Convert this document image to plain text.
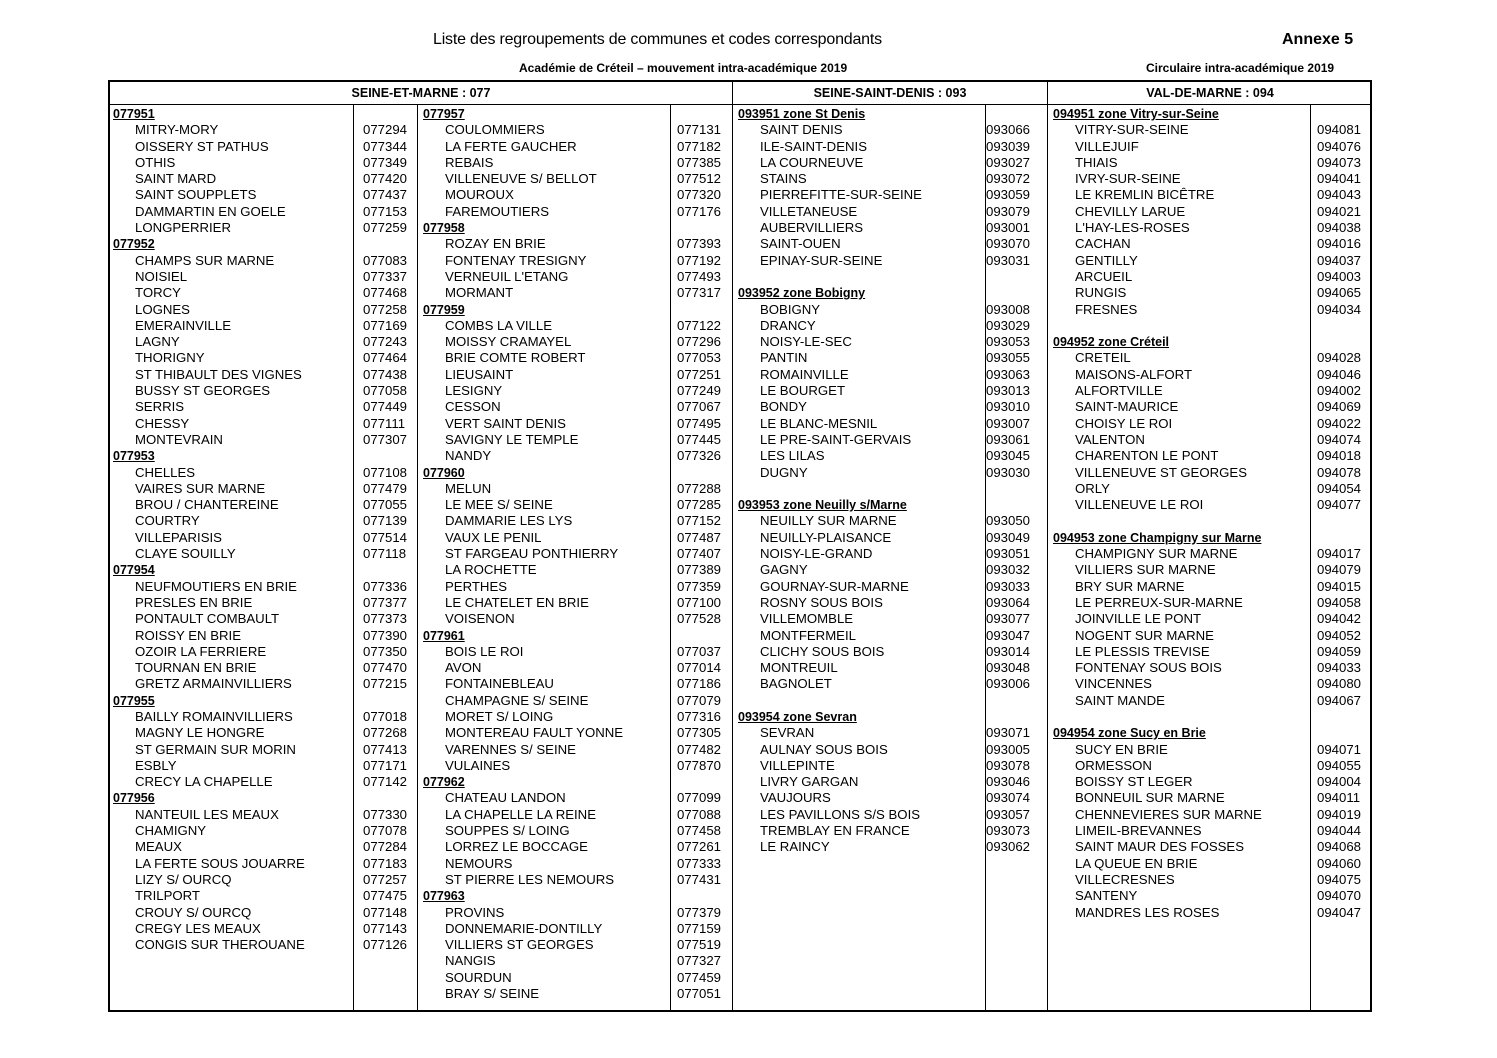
Liste des regroupements de communes et codes correspondants	Annexe 5
Académie de Créteil – mouvement intra-académique 2019	Circulaire intra-académique 2019
SEINE-ET-MARNE : 077	SEINE-SAINT-DENIS : 093	VAL-DE-MARNE : 094
077951
MITRY-MORY	077294
OISSERY ST PATHUS	077344
OTHIS	077349
SAINT MARD	077420
SAINT SOUPPLETS	077437
DAMMARTIN EN GOELE	077153
LONGPERRIER	077259
077952
CHAMPS SUR MARNE	077083
NOISIEL	077337
TORCY	077468
LOGNES	077258
EMERAINVILLE	077169
LAGNY	077243
THORIGNY	077464
ST THIBAULT DES VIGNES	077438
BUSSY ST GEORGES	077058
SERRIS	077449
CHESSY	077111
MONTEVRAIN	077307
077953
CHELLES	077108
VAIRES SUR MARNE	077479
BROU / CHANTEREINE	077055
COURTRY	077139
VILLEPARISIS	077514
CLAYE SOUILLY	077118
077954
NEUFMOUTIERS EN BRIE	077336
PRESLES EN BRIE	077377
PONTAULT COMBAULT	077373
ROISSY EN BRIE	077390
OZOIR LA FERRIERE	077350
TOURNAN EN BRIE	077470
GRETZ ARMAINVILLIERS	077215
077955
BAILLY ROMAINVILLIERS	077018
MAGNY LE HONGRE	077268
ST GERMAIN SUR MORIN	077413
ESBLY	077171
CRECY LA CHAPELLE	077142
077956
NANTEUIL LES MEAUX	077330
CHAMIGNY	077078
MEAUX	077284
LA FERTE SOUS JOUARRE	077183
LIZY S/ OURCQ	077257
TRILPORT	077475
CROUY S/ OURCQ	077148
CREGY LES MEAUX	077143
CONGIS SUR THEROUANE	077126
077957
COULOMMIERS	077131
LA FERTE GAUCHER	077182
REBAIS	077385
VILLENEUVE S/ BELLOT	077512
MOUROUX	077320
FAREMOUTIERS	077176
077958
ROZAY EN BRIE	077393
FONTENAY TRESIGNY	077192
VERNEUIL L'ETANG	077493
MORMANT	077317
077959
COMBS LA VILLE	077122
MOISSY CRAMAYEL	077296
BRIE COMTE ROBERT	077053
LIEUSAINT	077251
LESIGNY	077249
CESSON	077067
VERT SAINT DENIS	077495
SAVIGNY LE TEMPLE	077445
NANDY	077326
077960
MELUN	077288
LE MEE S/ SEINE	077285
DAMMARIE LES LYS	077152
VAUX LE PENIL	077487
ST FARGEAU PONTHIERRY	077407
LA ROCHETTE	077389
PERTHES	077359
LE CHATELET EN BRIE	077100
VOISENON	077528
077961
BOIS LE ROI	077037
AVON	077014
FONTAINEBLEAU	077186
CHAMPAGNE S/ SEINE	077079
MORET S/ LOING	077316
MONTEREAU FAULT YONNE	077305
VARENNES S/ SEINE	077482
VULAINES	077870
077962
CHATEAU LANDON	077099
LA CHAPELLE LA REINE	077088
SOUPPES S/ LOING	077458
LORREZ LE BOCCAGE	077261
NEMOURS	077333
ST PIERRE LES NEMOURS	077431
077963
PROVINS	077379
DONNEMARIE-DONTILLY	077159
VILLIERS ST GEORGES	077519
NANGIS	077327
SOURDUN	077459
BRAY S/ SEINE	077051
093951 zone St Denis
SAINT DENIS	093066
ILE-SAINT-DENIS	093039
LA COURNEUVE	093027
STAINS	093072
PIERREFITTE-SUR-SEINE	093059
VILLETANEUSE	093079
AUBERVILLIERS	093001
SAINT-OUEN	093070
EPINAY-SUR-SEINE	093031
093952 zone Bobigny
BOBIGNY	093008
DRANCY	093029
NOISY-LE-SEC	093053
PANTIN	093055
ROMAINVILLE	093063
LE BOURGET	093013
BONDY	093010
LE BLANC-MESNIL	093007
LE PRE-SAINT-GERVAIS	093061
LES LILAS	093045
DUGNY	093030
093953 zone Neuilly s/Marne
NEUILLY SUR MARNE	093050
NEUILLY-PLAISANCE	093049
NOISY-LE-GRAND	093051
GAGNY	093032
GOURNAY-SUR-MARNE	093033
ROSNY SOUS BOIS	093064
VILLEMOMBLE	093077
MONTFERMEIL	093047
CLICHY SOUS BOIS	093014
MONTREUIL	093048
BAGNOLET	093006
093954 zone Sevran
SEVRAN	093071
AULNAY SOUS BOIS	093005
VILLEPINTE	093078
LIVRY GARGAN	093046
VAUJOURS	093074
LES PAVILLONS S/S BOIS	093057
TREMBLAY EN FRANCE	093073
LE RAINCY	093062
094951 zone Vitry-sur-Seine
VITRY-SUR-SEINE	094081
VILLEJUIF	094076
THIAIS	094073
IVRY-SUR-SEINE	094041
LE KREMLIN BICÊTRE	094043
CHEVILLY LARUE	094021
L'HAY-LES-ROSES	094038
CACHAN	094016
GENTILLY	094037
ARCUEIL	094003
RUNGIS	094065
FRESNES	094034
094952 zone Créteil
CRETEIL	094028
MAISONS-ALFORT	094046
ALFORTVILLE	094002
SAINT-MAURICE	094069
CHOISY LE ROI	094022
VALENTON	094074
CHARENTON LE PONT	094018
VILLENEUVE ST GEORGES	094078
ORLY	094054
VILLENEUVE LE ROI	094077
094953 zone Champigny sur Marne
CHAMPIGNY SUR MARNE	094017
VILLIERS SUR MARNE	094079
BRY SUR MARNE	094015
LE PERREUX-SUR-MARNE	094058
JOINVILLE LE PONT	094042
NOGENT SUR MARNE	094052
LE PLESSIS TREVISE	094059
FONTENAY SOUS BOIS	094033
VINCENNES	094080
SAINT MANDE	094067
094954 zone Sucy en Brie
SUCY EN BRIE	094071
ORMESSON	094055
BOISSY ST LEGER	094004
BONNEUIL SUR MARNE	094011
CHENNEVIERES SUR MARNE	094019
LIMEIL-BREVANNES	094044
SAINT MAUR DES FOSSES	094068
LA QUEUE EN BRIE	094060
VILLECRESNES	094075
SANTENY	094070
MANDRES LES ROSES	094047
